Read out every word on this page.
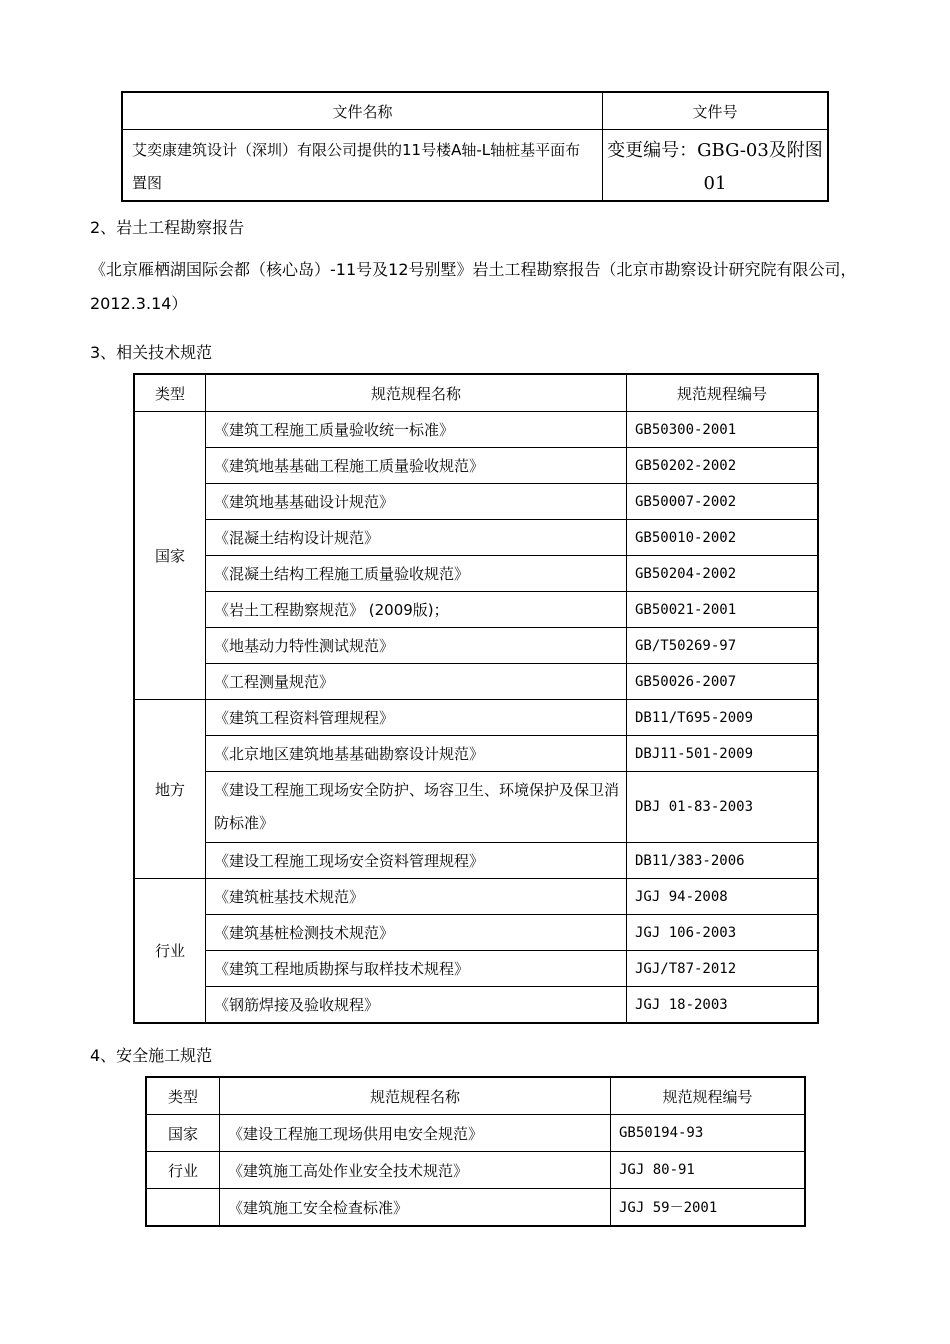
文件名称	文件号
艾奕康建筑设计（深圳）有限公司提供的11号楼A轴-L轴桩基平面布置图	变更编号：GBG-03及附图01
2、岩土工程勘察报告
《北京雁栖湖国际会都（核心岛）-11号及12号别墅》岩土工程勘察报告（北京市勘察设计研究院有限公司，2012.3.14）
3、相关技术规范
类型	规范规程名称	规范规程编号
国家	《建筑工程施工质量验收统一标准》	GB50300-2001
	《建筑地基基础工程施工质量验收规范》	GB50202-2002
	《建筑地基基础设计规范》	GB50007-2002
	《混凝土结构设计规范》	GB50010-2002
	《混凝土结构工程施工质量验收规范》	GB50204-2002
	《岩土工程勘察规范》 (2009版)；	GB50021-2001
	《地基动力特性测试规范》	GB/T50269-97
	《工程测量规范》	GB50026-2007
地方	《建筑工程资料管理规程》	DB11/T695-2009
	《北京地区建筑地基基础勘察设计规范》	DBJ11-501-2009
	《建设工程施工现场安全防护、场容卫生、环境保护及保卫消防标准》	DBJ 01-83-2003
	《建设工程施工现场安全资料管理规程》	DB11/383-2006
行业	《建筑桩基技术规范》	JGJ 94-2008
	《建筑基桩检测技术规范》	JGJ 106-2003
	《建筑工程地质勘探与取样技术规程》	JGJ/T87-2012
	《钢筋焊接及验收规程》	JGJ 18-2003
4、安全施工规范
类型	规范规程名称	规范规程编号
国家	《建设工程施工现场供用电安全规范》	GB50194-93
行业	《建筑施工高处作业安全技术规范》	JGJ 80-91
	《建筑施工安全检查标准》	JGJ 59－2001
